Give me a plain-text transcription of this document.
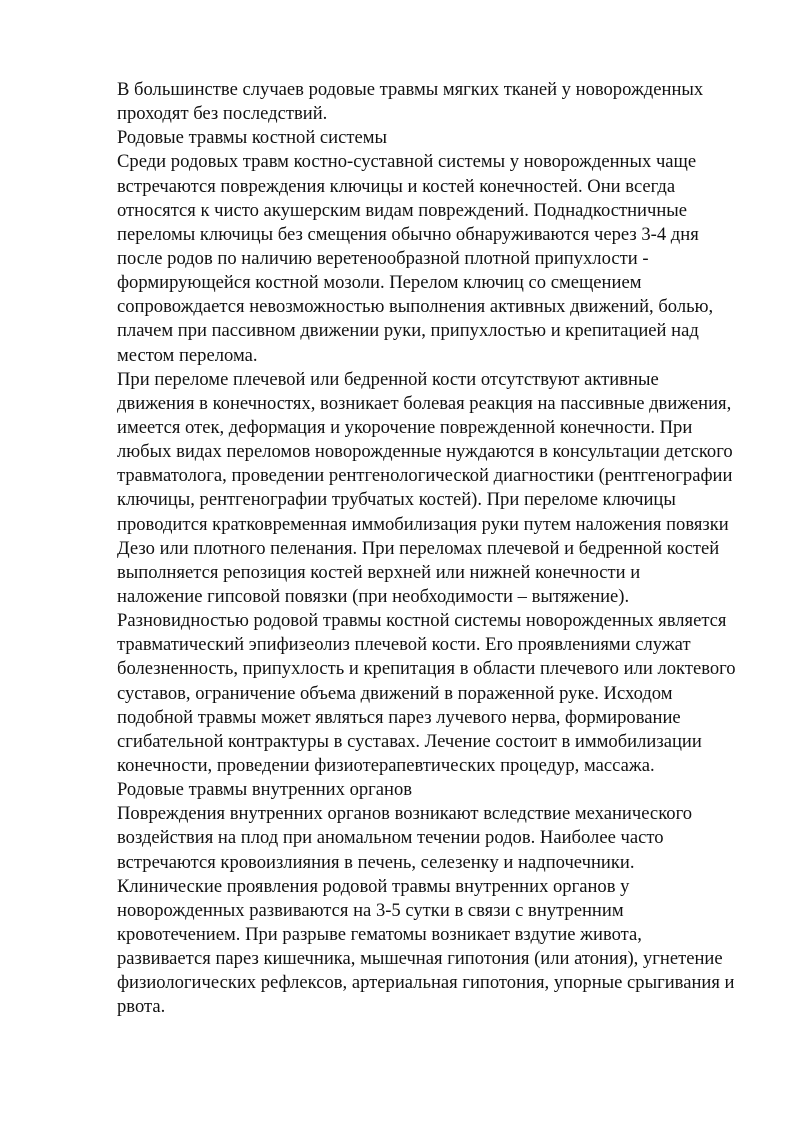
В большинстве случаев родовые травмы мягких тканей у новорожденных
проходят без последствий.
Родовые травмы костной системы
Среди родовых травм костно-суставной системы у новорожденных чаще
встречаются повреждения ключицы и костей конечностей. Они всегда
относятся к чисто акушерским видам повреждений. Поднадкостничные
переломы ключицы без смещения обычно обнаруживаются через 3-4 дня
после родов по наличию веретенообразной плотной припухлости -
формирующейся костной мозоли. Перелом ключиц со смещением
сопровождается невозможностью выполнения активных движений, болью,
плачем при пассивном движении руки, припухлостью и крепитацией над
местом перелома.
При переломе плечевой или бедренной кости отсутствуют активные
движения в конечностях, возникает болевая реакция на пассивные движения,
имеется отек, деформация и укорочение поврежденной конечности. При
любых видах переломов новорожденные нуждаются в консультации детского
травматолога, проведении рентгенологической диагностики (рентгенографии
ключицы, рентгенографии трубчатых костей). При переломе ключицы
проводится кратковременная иммобилизация руки путем наложения повязки
Дезо или плотного пеленания. При переломах плечевой и бедренной костей
выполняется репозиция костей верхней или нижней конечности и
наложение гипсовой повязки (при необходимости – вытяжение).
Разновидностью родовой травмы костной системы новорожденных является
травматический эпифизеолиз плечевой кости. Его проявлениями служат
болезненность, припухлость и крепитация в области плечевого или локтевого
суставов, ограничение объема движений в пораженной руке. Исходом
подобной травмы может являться парез лучевого нерва, формирование
сгибательной контрактуры в суставах. Лечение состоит в иммобилизации
конечности, проведении физиотерапевтических процедур, массажа.
Родовые травмы внутренних органов
Повреждения внутренних органов возникают вследствие механического
воздействия на плод при аномальном течении родов. Наиболее часто
встречаются кровоизлияния в печень, селезенку и надпочечники.
Клинические проявления родовой травмы внутренних органов у
новорожденных развиваются на 3-5 сутки в связи с внутренним
кровотечением. При разрыве гематомы возникает вздутие живота,
развивается парез кишечника, мышечная гипотония (или атония), угнетение
физиологических рефлексов, артериальная гипотония, упорные срыгивания и
рвота.
